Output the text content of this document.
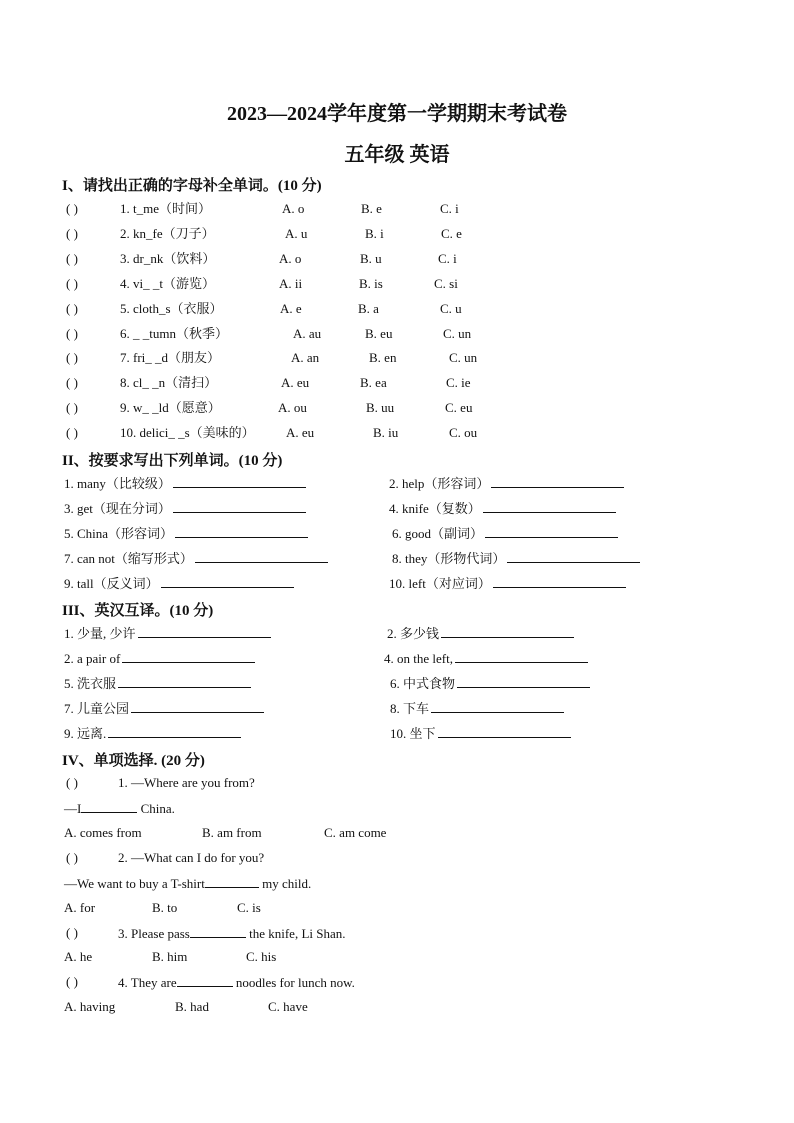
2023—2024学年度第一学期期末考试卷
五年级 英语
I、请找出正确的字母补全单词。(10 分)
( )	1. t_me（时间）	A. o	B. e	C. i
( )	2. kn_fe（刀子）	A. u	B. i	C. e
( )	3. dr_nk（饮料）	A. o	B. u	C. i
( )	4. vi_ _t（游览）	A. ii	B. is	C. si
( )	5. cloth_s（衣服）	A. e	B. a	C. u
( )	6. _ _tumn（秋季）	A. au	B. eu	C. un
( )	7. fri_ _d（朋友）	A. an	B. en	C. un
( )	8. cl_ _n（清扫）	A. eu	B. ea	C. ie
( )	9. w_ _ld（愿意）	A. ou	B. uu	C. eu
( )	10. delici_ _s（美味的） A. eu	B. iu	C. ou
II、按要求写出下列单词。(10 分)
1. many（比较级）	2. help（形容词）
3. get（现在分词）	4. knife（复数）
5. China（形容词）	6. good（副词）
7. can not（缩写形式）	8. they（形物代词）
9. tall（反义词）	10. left（对应词）
III、英汉互译。(10 分)
1. 少量, 少许	2. 多少钱
2. a pair of	4. on the left,
5. 洗衣服	6. 中式食物
7. 儿童公园	8. 下车
9. 远离.	10. 坐下
IV、单项选择. (20 分)
( )	1. —Where are you from?
—I	China.
A. comes from	B. am from	C. am come
( )	2. —What can I do for you?
—We want to buy a T-shirt	my child.
A. for	B. to	C. is
( )	3. Please pass	the knife, Li Shan.
A. he	B. him	C. his
( )	4. They are	noodles for lunch now.
A. having	B. had	C. have
